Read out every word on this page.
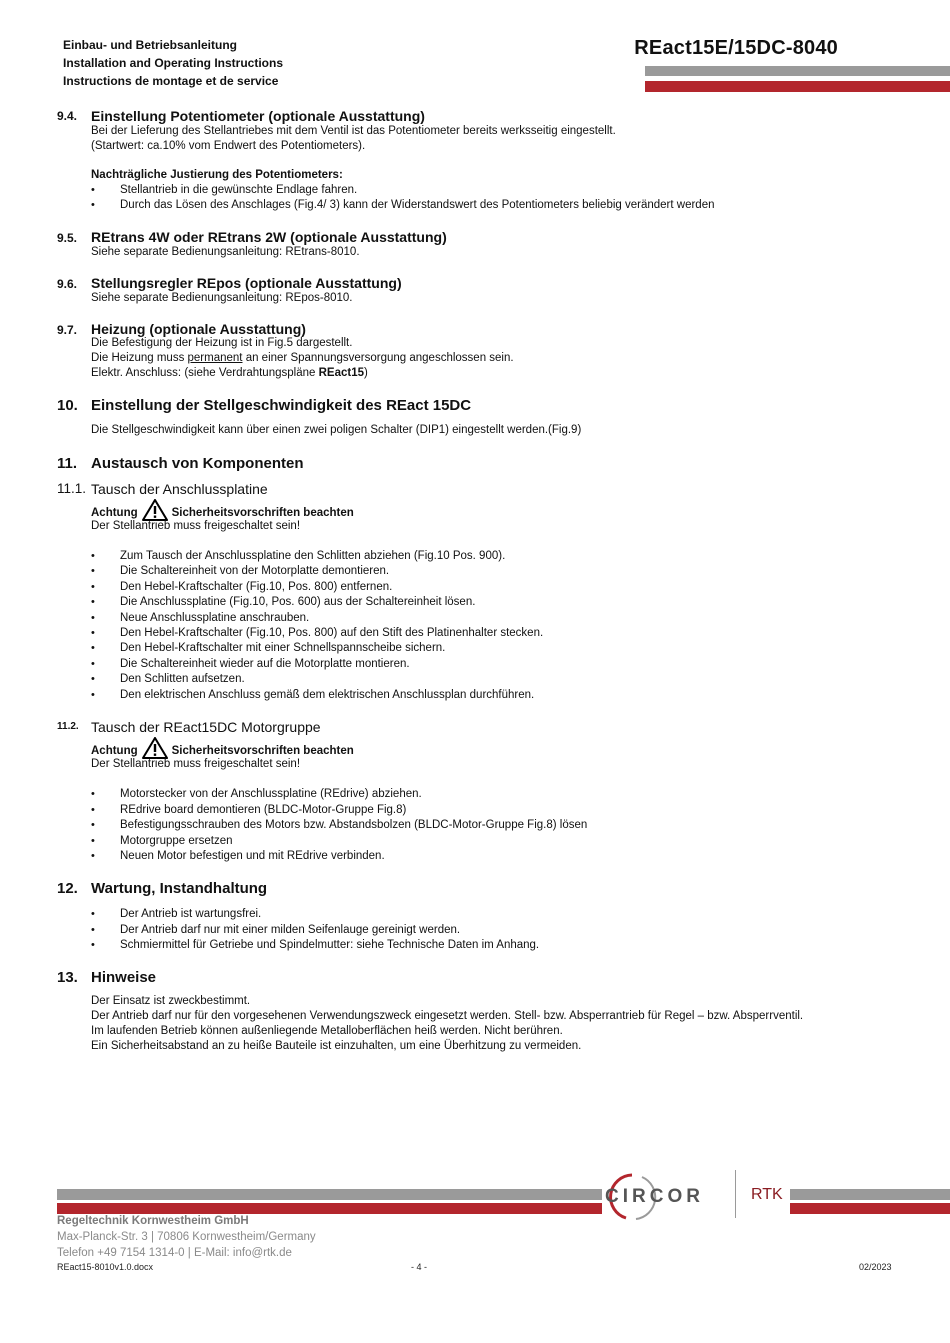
Einbau- und Betriebsanleitung
Installation and Operating Instructions
Instructions de montage et de service
REact15E/15DC-8040
9.4. Einstellung Potentiometer (optionale Ausstattung)
Bei der Lieferung des Stellantriebes mit dem Ventil ist das Potentiometer bereits werksseitig eingestellt.
(Startwert: ca.10% vom Endwert des Potentiometers).
Nachträgliche Justierung des Potentiometers:
• Stellantrieb in die gewünschte Endlage fahren.
• Durch das Lösen des Anschlages (Fig.4/ 3) kann der Widerstandswert des Potentiometers beliebig verändert werden
9.5. REtrans 4W oder REtrans 2W (optionale Ausstattung)
Siehe separate Bedienungsanleitung: REtrans-8010.
9.6. Stellungsregler REpos (optionale Ausstattung)
Siehe separate Bedienungsanleitung: REpos-8010.
9.7. Heizung (optionale Ausstattung)
Die Befestigung der Heizung ist in Fig.5 dargestellt.
Die Heizung muss permanent an einer Spannungsversorgung angeschlossen sein.
Elektr. Anschluss: (siehe Verdrahtungspläne REact15)
10. Einstellung der Stellgeschwindigkeit des REact 15DC
Die Stellgeschwindigkeit kann über einen zwei poligen Schalter (DIP1) eingestellt werden.(Fig.9)
11. Austausch von Komponenten
11.1. Tausch der Anschlussplatine
Achtung	Sicherheitsvorschriften beachten
Der Stellantrieb muss freigeschaltet sein!
• Zum Tausch der Anschlussplatine den Schlitten abziehen (Fig.10 Pos. 900).
• Die Schaltereinheit von der Motorplatte demontieren.
• Den Hebel-Kraftschalter (Fig.10, Pos. 800) entfernen.
• Die Anschlussplatine (Fig.10, Pos. 600) aus der Schaltereinheit lösen.
• Neue Anschlussplatine anschrauben.
• Den Hebel-Kraftschalter (Fig.10, Pos. 800) auf den Stift des Platinenhalter stecken.
• Den Hebel-Kraftschalter mit einer Schnellspannscheibe sichern.
• Die Schaltereinheit wieder auf die Motorplatte montieren.
• Den Schlitten aufsetzen.
• Den elektrischen Anschluss gemäß dem elektrischen Anschlussplan durchführen.
11.2. Tausch der REact15DC Motorgruppe
Achtung	Sicherheitsvorschriften beachten
Der Stellantrieb muss freigeschaltet sein!
• Motorstecker von der Anschlussplatine (REdrive) abziehen.
• REdrive board demontieren (BLDC-Motor-Gruppe Fig.8)
• Befestigungsschrauben des Motors bzw. Abstandsbolzen (BLDC-Motor-Gruppe Fig.8) lösen
• Motorgruppe ersetzen
• Neuen Motor befestigen und mit REdrive verbinden.
12. Wartung, Instandhaltung
• Der Antrieb ist wartungsfrei.
• Der Antrieb darf nur mit einer milden Seifenlauge gereinigt werden.
• Schmiermittel für Getriebe und Spindelmutter: siehe Technische Daten im Anhang.
13. Hinweise
Der Einsatz ist zweckbestimmt.
Der Antrieb darf nur für den vorgesehenen Verwendungszweck eingesetzt werden. Stell- bzw. Absperrantrieb für Regel – bzw. Absperrventil.
Im laufenden Betrieb können außenliegende Metalloberflächen heiß werden. Nicht berühren.
Ein Sicherheitsabstand an zu heiße Bauteile ist einzuhalten, um eine Überhitzung zu vermeiden.
CIRCOR	RTK
Regeltechnik Kornwestheim GmbH
Max-Planck-Str. 3 | 70806 Kornwestheim/Germany
Telefon +49 7154 1314-0 | E-Mail: info@rtk.de
REact15-8010v1.0.docx	- 4 -	02/2023
